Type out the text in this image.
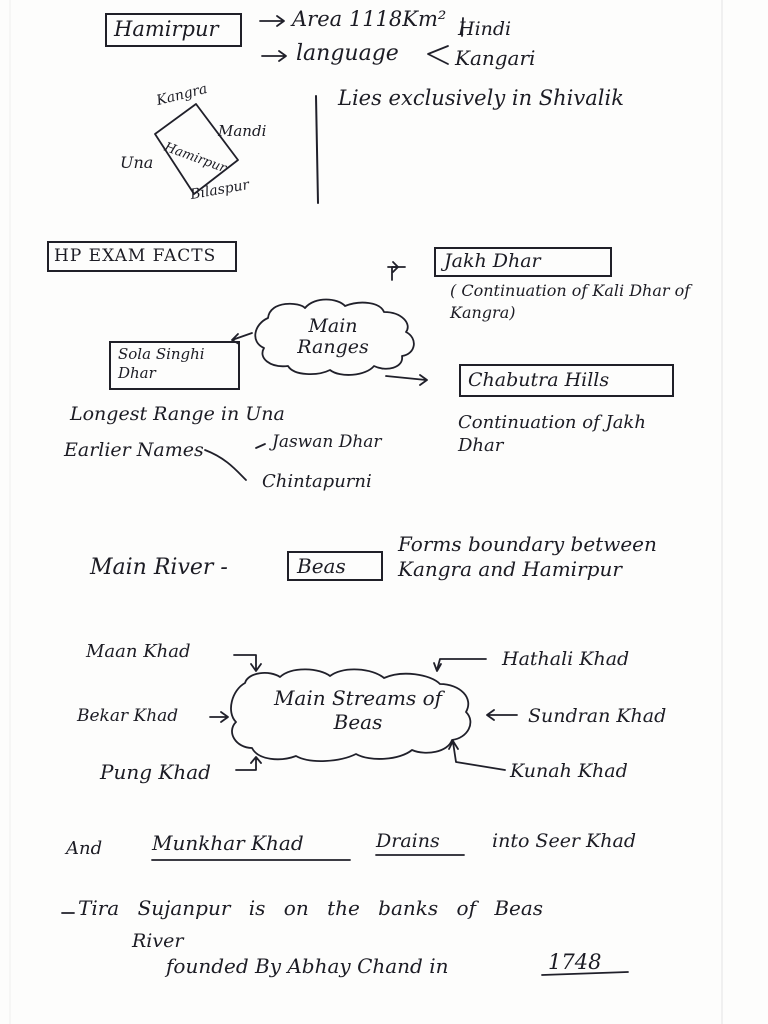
Hamirpur	Area 1118Km²
language
Hindi
Kangari
Kangra
Mandi
Una
Bilaspur
Hamirpur
Lies exclusively in Shivalik
HP EXAM FACTS
Main Ranges
Jakh Dhar
( Continuation of Kali Dhar of Kangra)
Sola Singhi Dhar
Longest Range in Una
Earlier Names	Jaswan Dhar
Chintapurni
Chabutra Hills
Continuation of Jakh Dhar
Main River -	Beas
Forms boundary between Kangra and Hamirpur
Main Streams of Beas
Maan Khad
Bekar Khad
Pung Khad
Hathali Khad
Sundran Khad
Kunah Khad
And Munkhar Khad	Drains	into Seer Khad
Tira Sujanpur is on the banks of Beas
River
founded By Abhay Chand in	1748
